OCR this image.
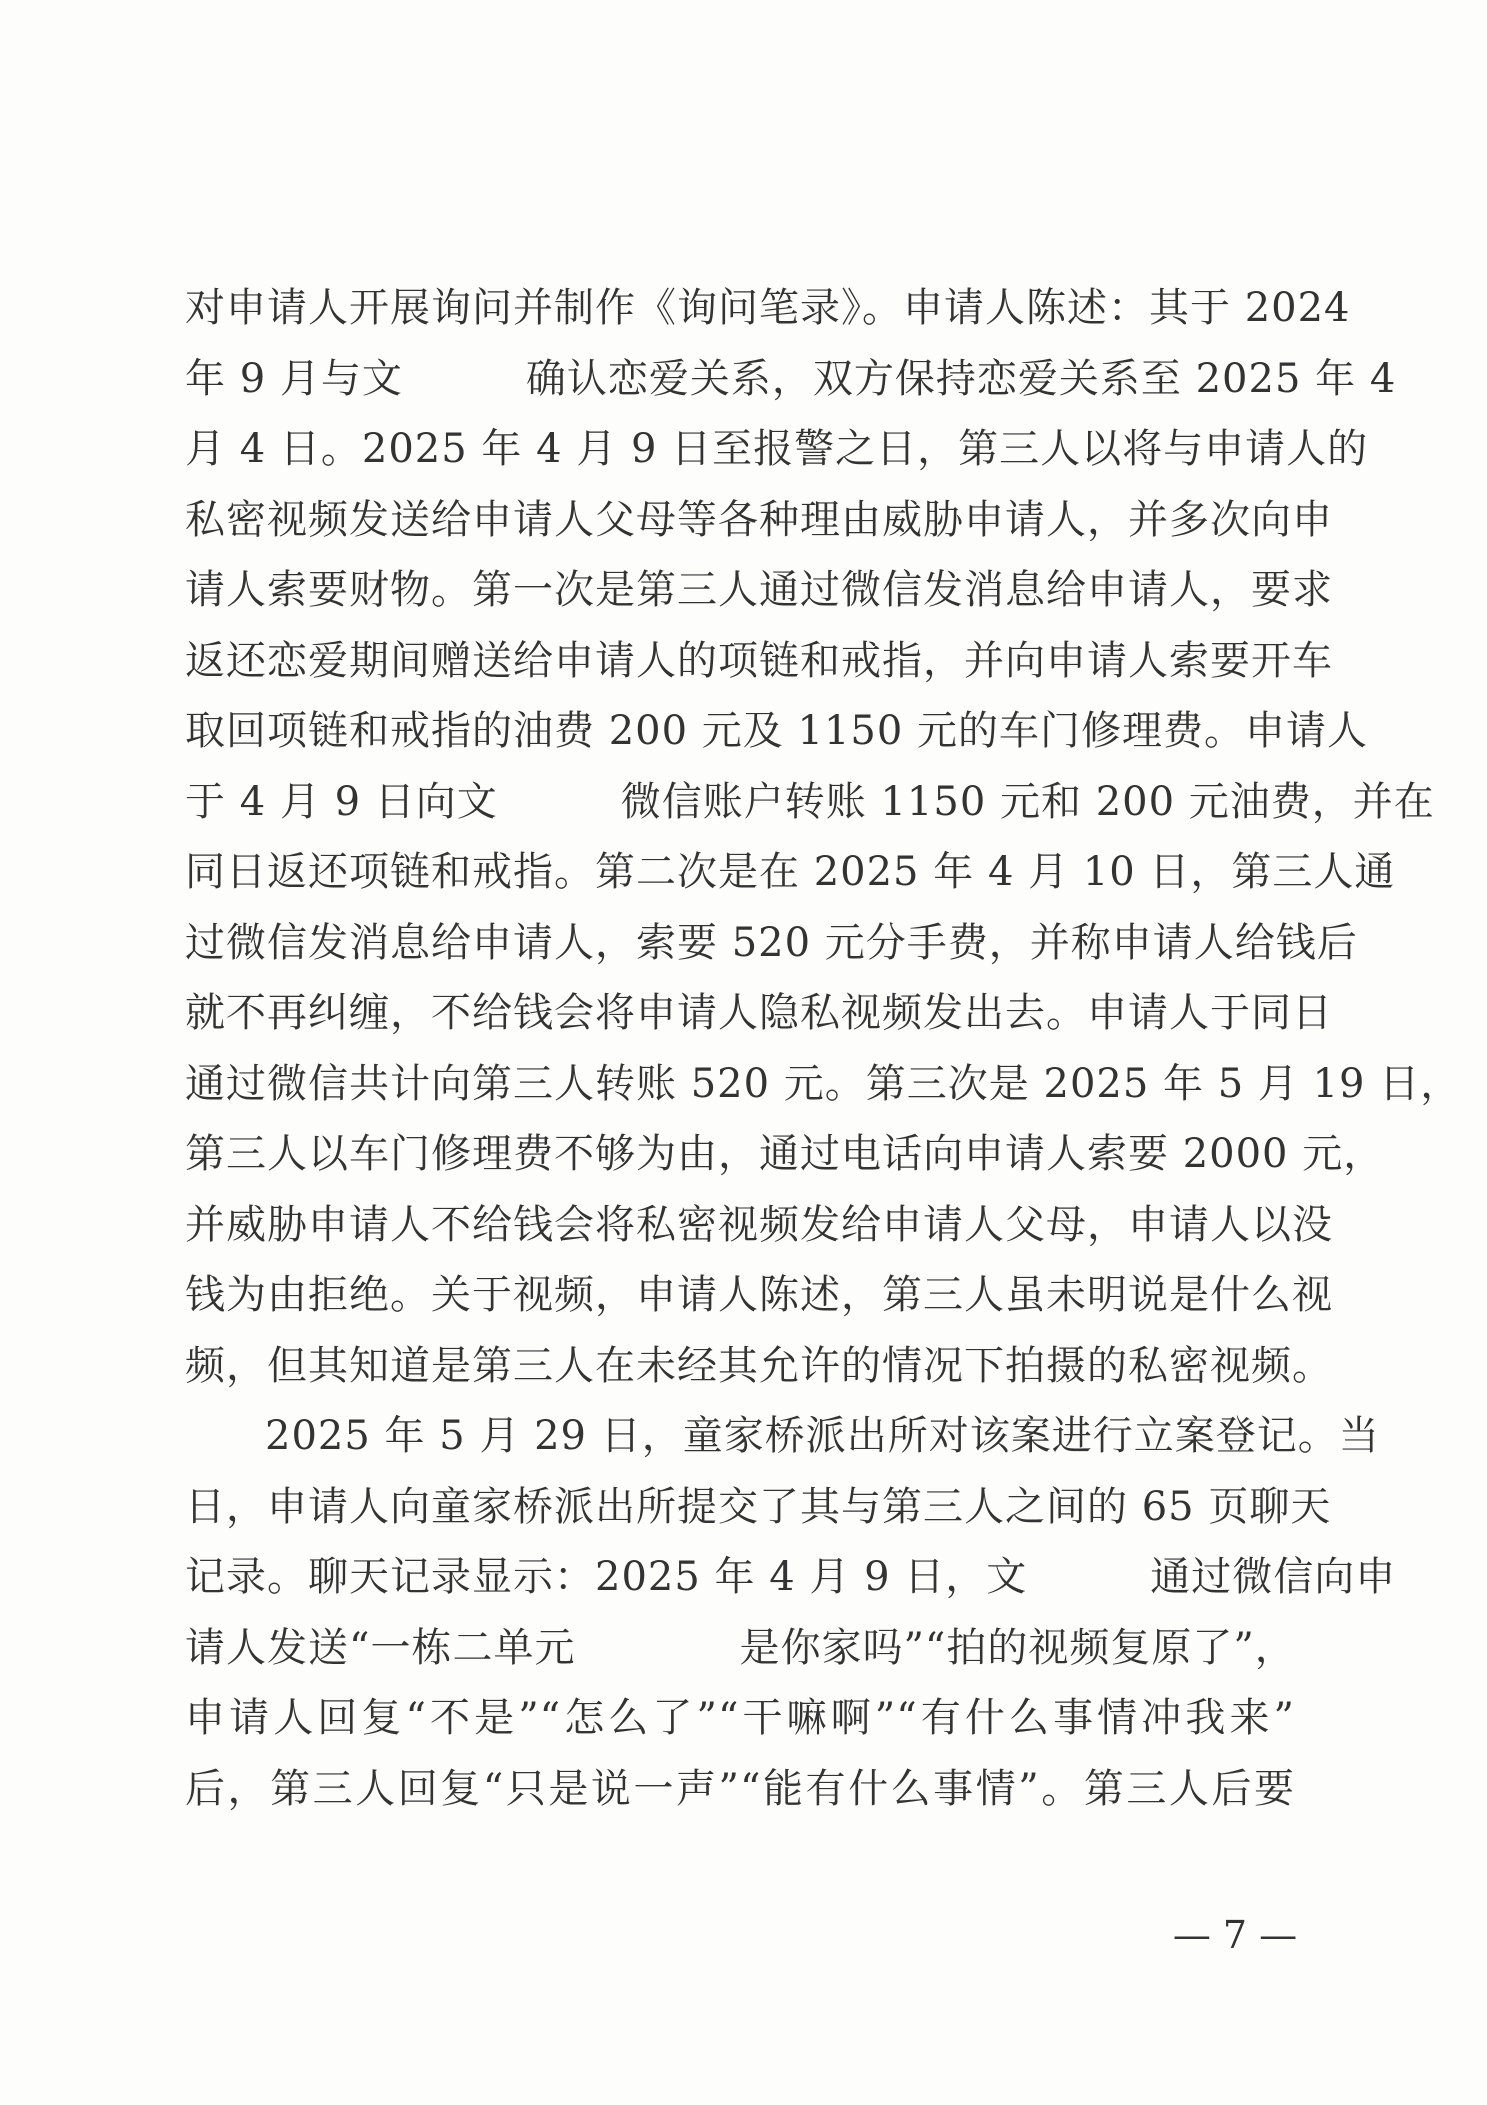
对申请人开展询问并制作《询问笔录》。申请人陈述：其于 2024
年 9 月与文　　　确认恋爱关系，双方保持恋爱关系至 2025 年 4
月 4 日。2025 年 4 月 9 日至报警之日，第三人以将与申请人的
私密视频发送给申请人父母等各种理由威胁申请人，并多次向申
请人索要财物。第一次是第三人通过微信发消息给申请人，要求
返还恋爱期间赠送给申请人的项链和戒指，并向申请人索要开车
取回项链和戒指的油费 200 元及 1150 元的车门修理费。申请人
于 4 月 9 日向文　　　微信账户转账 1150 元和 200 元油费，并在
同日返还项链和戒指。第二次是在 2025 年 4 月 10 日，第三人通
过微信发消息给申请人，索要 520 元分手费，并称申请人给钱后
就不再纠缠，不给钱会将申请人隐私视频发出去。申请人于同日
通过微信共计向第三人转账 520 元。第三次是 2025 年 5 月 19 日，
第三人以车门修理费不够为由，通过电话向申请人索要 2000 元，
并威胁申请人不给钱会将私密视频发给申请人父母，申请人以没
钱为由拒绝。关于视频，申请人陈述，第三人虽未明说是什么视
频，但其知道是第三人在未经其允许的情况下拍摄的私密视频。
2025 年 5 月 29 日，童家桥派出所对该案进行立案登记。当
日，申请人向童家桥派出所提交了其与第三人之间的 65 页聊天
记录。聊天记录显示：2025 年 4 月 9 日，文　　　通过微信向申
请人发送“一栋二单元　　　　是你家吗”“拍的视频复原了”，
申请人回复“不是”“怎么了”“干嘛啊”“有什么事情冲我来”
后，第三人回复“只是说一声”“能有什么事情”。第三人后要
— 7 —
